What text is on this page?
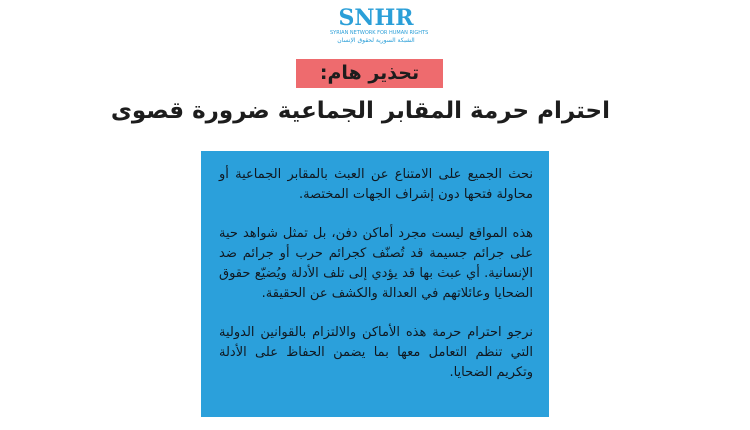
SNHR
SYRIAN NETWORK FOR HUMAN RIGHTS
الشبكة السورية لحقوق الإنسان
تحذير هام:
احترام حرمة المقابر الجماعية ضرورة قصوى

نحث الجميع على الامتناع عن العبث بالمقابر الجماعية أو محاولة فتحها دون إشراف الجهات المختصة.

هذه المواقع ليست مجرد أماكن دفن، بل تمثل شواهد حية على جرائم جسيمة قد تُصنّف كجرائم حرب أو جرائم ضد الإنسانية. أي عبث بها قد يؤدي إلى تلف الأدلة ويُضيّع حقوق الضحايا وعائلاتهم في العدالة والكشف عن الحقيقة.

نرجو احترام حرمة هذه الأماكن والالتزام بالقوانين الدولية التي تنظم التعامل معها بما يضمن الحفاظ على الأدلة وتكريم الضحايا.
